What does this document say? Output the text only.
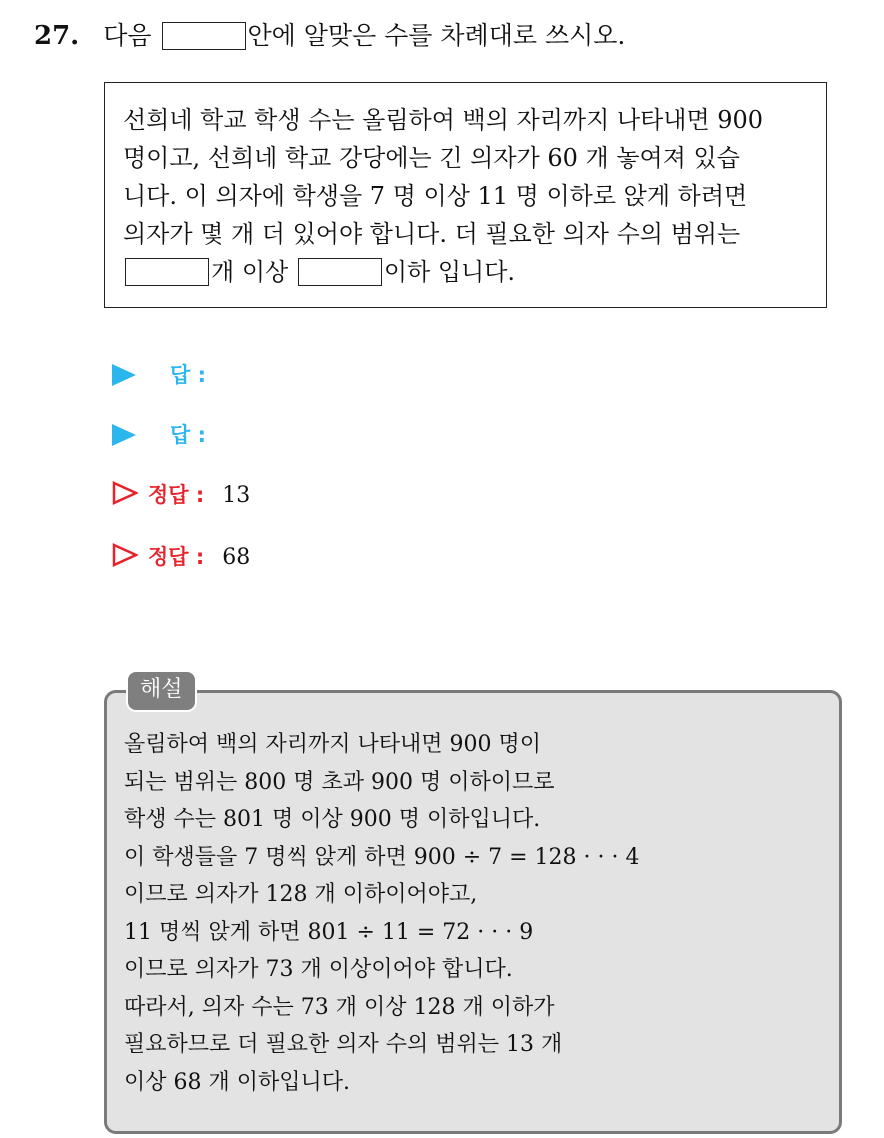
27. 다음	안에 알맞은 수를 차례대로 쓰시오.
선희네 학교 학생 수는 올림하여 백의 자리까지 나타내면 900
명이고, 선희네 학교 강당에는 긴 의자가 60 개 놓여져 있습
니다. 이 의자에 학생을 7 명 이상 11 명 이하로 앉게 하려면
의자가 몇 개 더 있어야 합니다. 더 필요한 의자 수의 범위는
개 이상	이하 입니다.
답 :
답 :
정답 : 13
정답 : 68
해설
올림하여 백의 자리까지 나타내면 900 명이
되는 범위는 800 명 초과 900 명 이하이므로
학생 수는 801 명 이상 900 명 이하입니다.
이 학생들을 7 명씩 앉게 하면 900 ÷ 7 = 128 · · · 4
이므로 의자가 128 개 이하이어야고,
11 명씩 앉게 하면 801 ÷ 11 = 72 · · · 9
이므로 의자가 73 개 이상이어야 합니다.
따라서, 의자 수는 73 개 이상 128 개 이하가
필요하므로 더 필요한 의자 수의 범위는 13 개
이상 68 개 이하입니다.
